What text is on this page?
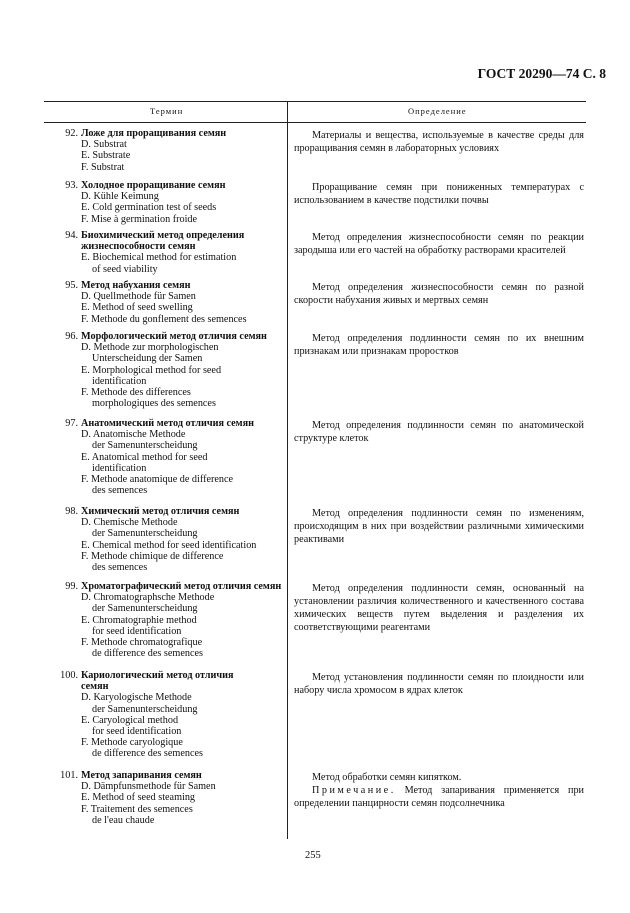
ГОСТ 20290—74 С. 8
Термин	Определение
92. Ложе для проращивания семян
D. Substrat
E. Substrate
F. Substrat
Материалы и вещества, используемые в качестве среды для проращивания семян в лабораторных условиях
93. Холодное проращивание семян
D. Kühle Keimung
E. Cold germination test of seeds
F. Mise à germination froide
Проращивание семян при пониженных температурах с использованием в качестве подстилки почвы
94. Биохимический метод определения
жизнеспособности семян
E. Biochemical method for estimation
of seed viability
Метод определения жизнеспособности семян по реакции зародыша или его частей на обработку растворами красителей
95. Метод набухания семян
D. Quellmethode für Samen
E. Method of seed swelling
F. Methode du gonflement des semences
Метод определения жизнеспособности семян по разной скорости набухания живых и мертвых семян
96. Морфологический метод отличия семян
D. Methode zur morphologischen
Unterscheidung der Samen
E. Morphological method for seed
identification
F. Methode des differences
morphologiques des semences
Метод определения подлинности семян по их внешним признакам или признакам проростков
97. Анатомический метод отличия семян
D. Anatomische Methode
der Samenunterscheidung
E. Anatomical method for seed
identification
F. Methode anatomique de difference
des semences
Метод определения подлинности семян по анатомической структуре клеток
98. Химический метод отличия семян
D. Chemische Methode
der Samenunterscheidung
E. Chemical method for seed identification
F. Methode chimique de difference
des semences
Метод определения подлинности семян по изменениям, происходящим в них при воздействии различными химическими реактивами
99. Хроматографический метод отличия семян
D. Chromatographsche Methode
der Samenunterscheidung
E. Chromatographie method
for seed identification
F. Methode chromatografique
de difference des semences
Метод определения подлинности семян, основанный на установлении различия количественного и качественного состава химических веществ путем выделения и разделения их соответствующими реагентами
100. Кариологический метод отличия
семян
D. Karyologische Methode
der Samenunterscheidung
E. Caryological method
for seed identification
F. Methode caryologique
de difference des semences
Метод установления подлинности семян по плоидности или набору числа хромосом в ядрах клеток
101. Метод запаривания семян
D. Dämpfunsmethode für Samen
E. Method of seed steaming
F. Traitement des semences
de l'eau chaude
Метод обработки семян кипятком.
Примечание. Метод запаривания применяется при определении панцирности семян подсолнечника
255
